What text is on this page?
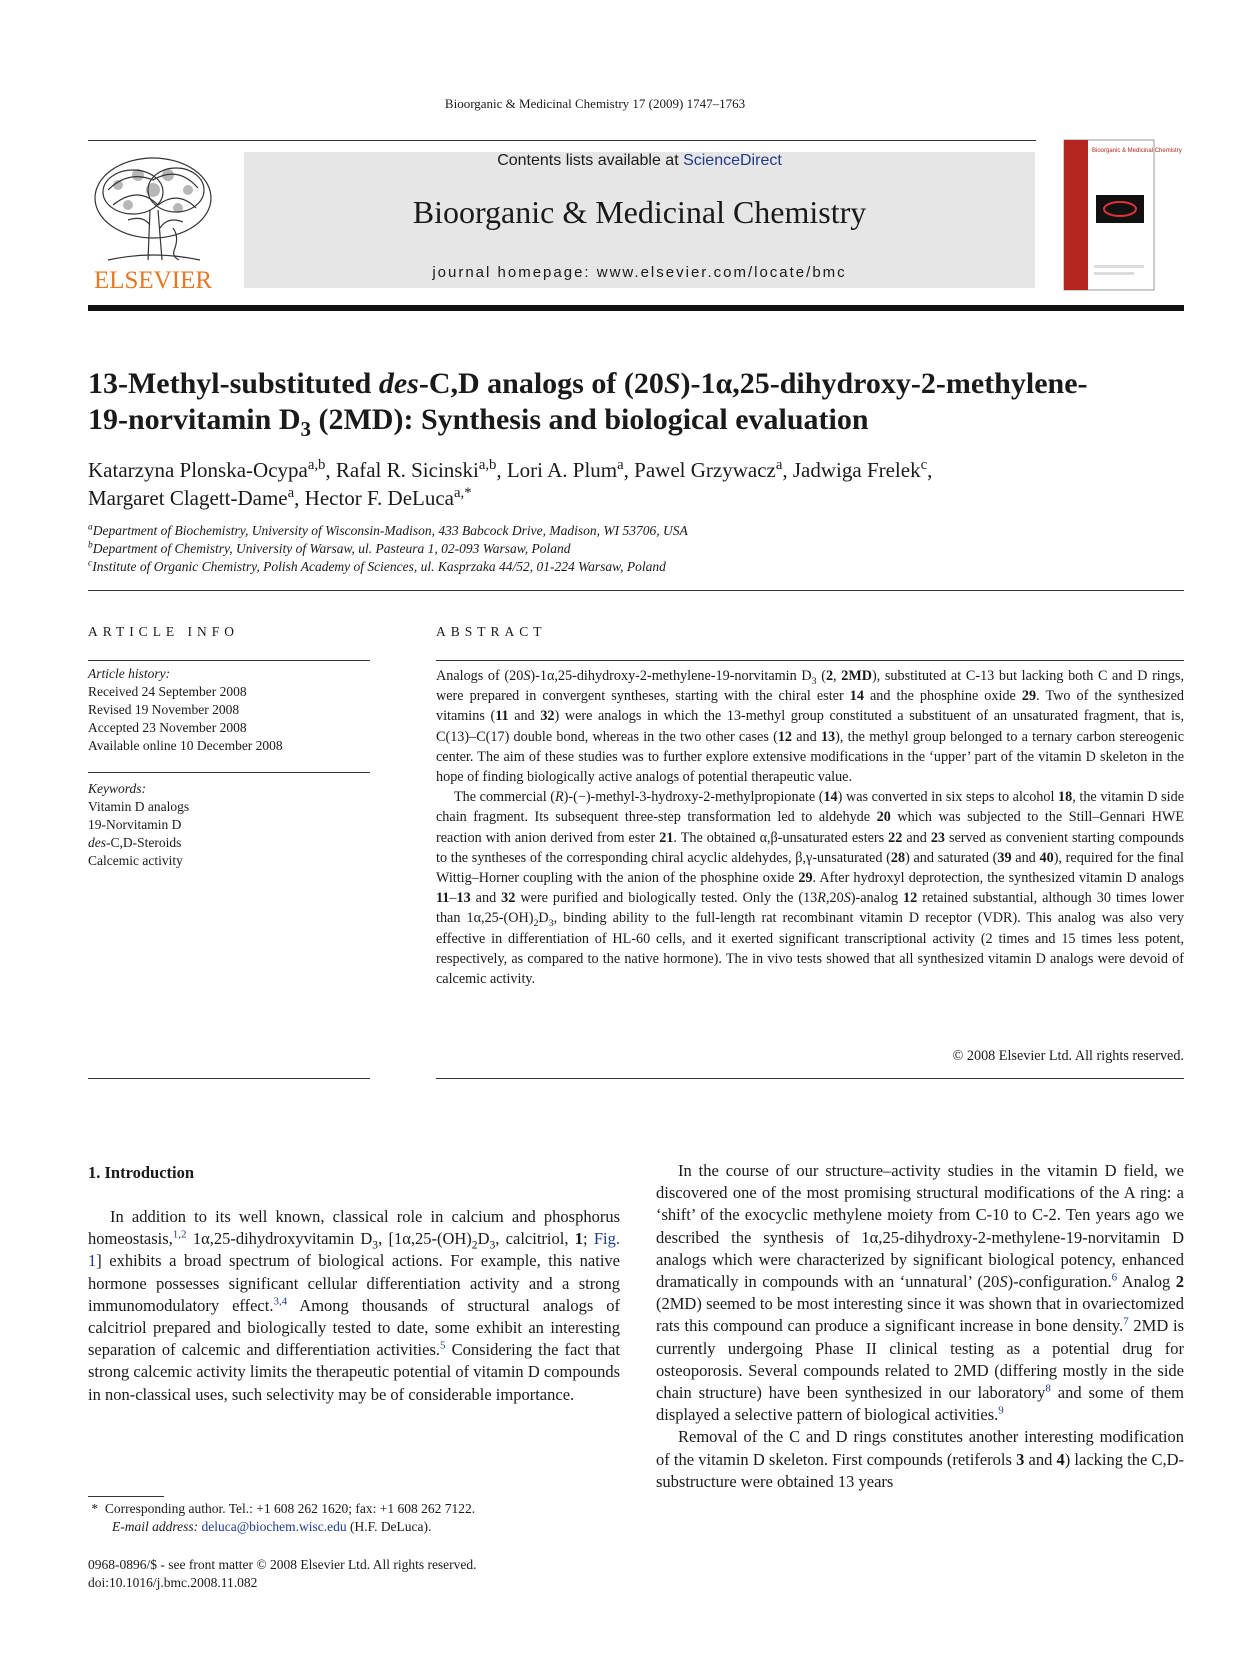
Bioorganic & Medicinal Chemistry 17 (2009) 1747–1763
ELSEVIER
Contents lists available at ScienceDirect
Bioorganic & Medicinal Chemistry
journal homepage: www.elsevier.com/locate/bmc
Bioorganic & Medicinal Chemistry
13-Methyl-substituted des-C,D analogs of (20S)-1α,25-dihydroxy-2-methylene-
19-norvitamin $D_3$ (2MD): Synthesis and biological evaluation
Katarzyna Plonska-Ocypa$^{a,b}$, Rafal R. Sicinski$^{a,b}$, Lori A. Plum$^a$, Pawel Grzywacz$^a$, Jadwiga Frelek$^c$,
Margaret Clagett-Dame$^a$, Hector F. DeLuca$^{a,*}$
$^a$Department of Biochemistry, University of Wisconsin-Madison, 433 Babcock Drive, Madison, WI 53706, USA
$^b$Department of Chemistry, University of Warsaw, ul. Pasteura 1, 02-093 Warsaw, Poland
$^c$Institute of Organic Chemistry, Polish Academy of Sciences, ul. Kasprzaka 44/52, 01-224 Warsaw, Poland
ARTICLE INFO	ABSTRACT
Article history:
Received 24 September 2008
Revised 19 November 2008
Accepted 23 November 2008
Available online 10 December 2008
Keywords:
Vitamin D analogs
19-Norvitamin D
des-C,D-Steroids
Calcemic activity

Analogs of (20S)-1α,25-dihydroxy-2-methylene-19-norvitamin $D_3$ (2, 2MD), substituted at C-13 but lacking both C and D rings, were prepared in convergent syntheses, starting with the chiral ester 14 and the phosphine oxide 29. Two of the synthesized vitamins (11 and 32) were analogs in which the 13-methyl group constituted a substituent of an unsaturated fragment, that is, C(13)–C(17) double bond, whereas in the two other cases (12 and 13), the methyl group belonged to a ternary carbon stereogenic center. The aim of these studies was to further explore extensive modifications in the ‘upper’ part of the vitamin D skeleton in the hope of finding biologically active analogs of potential therapeutic value.

The commercial (R)-(−)-methyl-3-hydroxy-2-methylpropionate (14) was converted in six steps to alcohol 18, the vitamin D side chain fragment. Its subsequent three-step transformation led to aldehyde 20 which was subjected to the Still–Gennari HWE reaction with anion derived from ester 21. The obtained α,β-unsaturated esters 22 and 23 served as convenient starting compounds to the syntheses of the corresponding chiral acyclic aldehydes, β,γ-unsaturated (28) and saturated (39 and 40), required for the final Wittig–Horner coupling with the anion of the phosphine oxide 29. After hydroxyl deprotection, the synthesized vitamin D analogs 11–13 and 32 were purified and biologically tested. Only the (13R,20S)-analog 12 retained substantial, although 30 times lower than $1\alpha,25-(OH)_2D_3$, binding ability to the full-length rat recombinant vitamin D receptor (VDR). This analog was also very effective in differentiation of HL-60 cells, and it exerted significant transcriptional activity (2 times and 15 times less potent, respectively, as compared to the native hormone). The in vivo tests showed that all synthesized vitamin D analogs were devoid of calcemic activity.

© 2008 Elsevier Ltd. All rights reserved.
1. Introduction

In addition to its well known, classical role in calcium and phosphorus homeostasis,$^{1,2}$ 1α,25-dihydroxyvitamin $D_3$, [$1\alpha,25-(OH)_2D_3$, calcitriol, 1; Fig. 1] exhibits a broad spectrum of biological actions. For example, this native hormone possesses significant cellular differentiation activity and a strong immunomodulatory effect.$^{3,4}$ Among thousands of structural analogs of calcitriol prepared and biologically tested to date, some exhibit an interesting separation of calcemic and differentiation activities.$^5$ Considering the fact that strong calcemic activity limits the therapeutic potential of vitamin D compounds in non-classical uses, such selectivity may be of considerable importance.

In the course of our structure–activity studies in the vitamin D field, we discovered one of the most promising structural modifications of the A ring: a ‘shift’ of the exocyclic methylene moiety from C-10 to C-2. Ten years ago we described the synthesis of 1α,25-dihydroxy-2-methylene-19-norvitamin D analogs which were characterized by significant biological potency, enhanced dramatically in compounds with an ‘unnatural’ (20S)-configuration.$^6$ Analog 2 (2MD) seemed to be most interesting since it was shown that in ovariectomized rats this compound can produce a significant increase in bone density.$^7$ 2MD is currently undergoing Phase II clinical testing as a potential drug for osteoporosis. Several compounds related to 2MD (differing mostly in the side chain structure) have been synthesized in our laboratory$^8$ and some of them displayed a selective pattern of biological activities.$^9$

Removal of the C and D rings constitutes another interesting modification of the vitamin D skeleton. First compounds (retiferols 3 and 4) lacking the C,D-substructure were obtained 13 years

*  Corresponding author. Tel.: +1 608 262 1620; fax: +1 608 262 7122.
E-mail address: deluca@biochem.wisc.edu (H.F. DeLuca).
0968-0896/$ - see front matter © 2008 Elsevier Ltd. All rights reserved.
doi:10.1016/j.bmc.2008.11.082
